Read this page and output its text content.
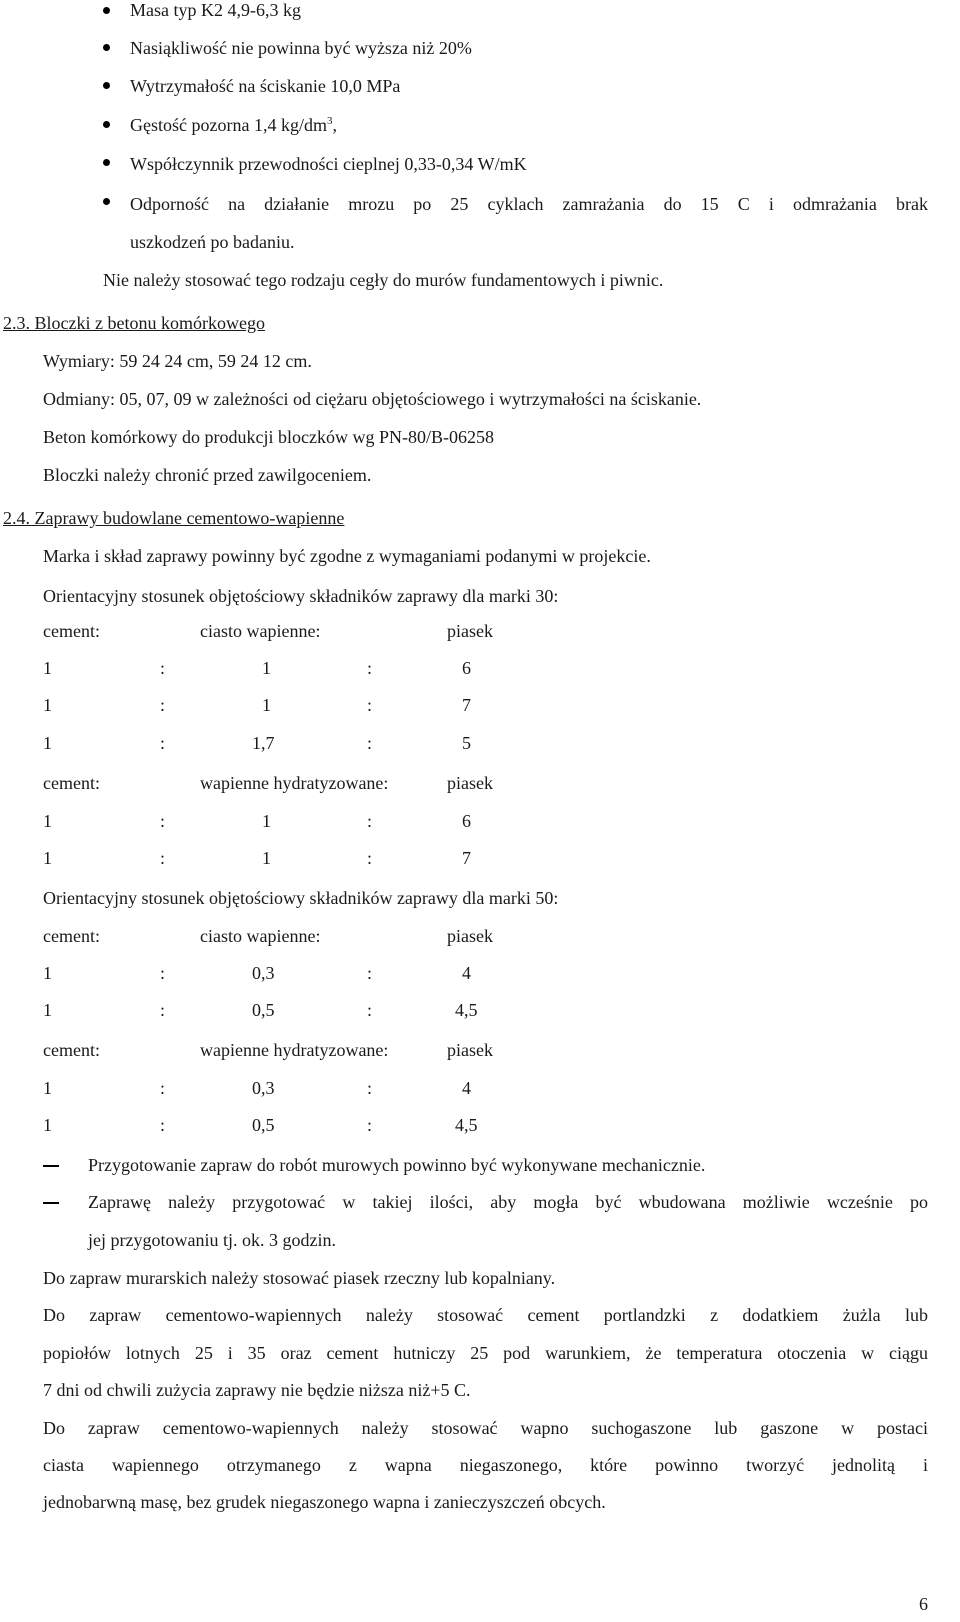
Masa typ K2 4,9-6,3 kg
Nasiąkliwość nie powinna być wyższa niż 20%
Wytrzymałość na ściskanie 10,0 MPa
Gęstość pozorna 1,4 $kg/dm^3$,
Współczynnik przewodności cieplnej 0,33-0,34 W/mK
Odporność na działanie mrozu po 25 cyklach zamrażania do 15 C i odmrażania brak
uszkodzeń po badaniu.
Nie należy stosować tego rodzaju cegły do murów fundamentowych i piwnic.
2.3. Bloczki z betonu komórkowego
Wymiary: 59 24 24 cm, 59 24 12 cm.
Odmiany: 05, 07, 09 w zależności od ciężaru objętościowego i wytrzymałości na ściskanie.
Beton komórkowy do produkcji bloczków wg PN-80/B-06258
Bloczki należy chronić przed zawilgoceniem.
2.4. Zaprawy budowlane cementowo-wapienne
Marka i skład zaprawy powinny być zgodne z wymaganiami podanymi w projekcie.
Orientacyjny stosunek objętościowy składników zaprawy dla marki 30:
cement:	ciasto wapienne:	piasek
1	:	1	:	6
1	:	1	:	7
1	:	1,7	:	5
cement:	wapienne hydratyzowane:	piasek
1	:	1	:	6
1	:	1	:	7
Orientacyjny stosunek objętościowy składników zaprawy dla marki 50:
cement:	ciasto wapienne:	piasek
1	:	0,3	:	4
1	:	0,5	:	4,5
cement:	wapienne hydratyzowane:	piasek
1	:	0,3	:	4
1	:	0,5	:	4,5
Przygotowanie zapraw do robót murowych powinno być wykonywane mechanicznie.
Zaprawę należy przygotować w takiej ilości, aby mogła być wbudowana możliwie wcześnie po
jej przygotowaniu tj. ok. 3 godzin.
Do zapraw murarskich należy stosować piasek rzeczny lub kopalniany.
Do zapraw cementowo-wapiennych należy stosować cement portlandzki z dodatkiem żużla lub
popiołów lotnych 25 i 35 oraz cement hutniczy 25 pod warunkiem, że temperatura otoczenia w ciągu
7 dni od chwili zużycia zaprawy nie będzie niższa niż+5 C.
Do zapraw cementowo-wapiennych należy stosować wapno suchogaszone lub gaszone w postaci
ciasta wapiennego otrzymanego z wapna niegaszonego, które powinno tworzyć jednolitą i
jednobarwną masę, bez grudek niegaszonego wapna i zanieczyszczeń obcych.
6
